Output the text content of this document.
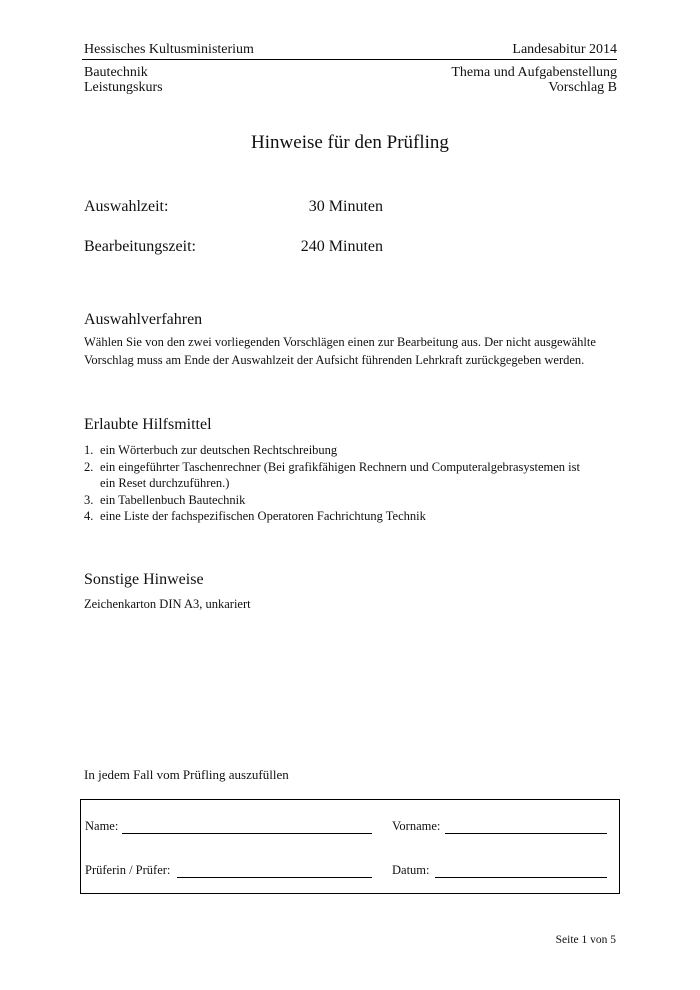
Hessisches Kultusministerium	Landesabitur 2014
Bautechnik	Thema und Aufgabenstellung
Leistungskurs	Vorschlag B
Hinweise für den Prüfling
Auswahlzeit:	30 Minuten
Bearbeitungszeit:	240 Minuten
Auswahlverfahren
Wählen Sie von den zwei vorliegenden Vorschlägen einen zur Bearbeitung aus. Der nicht ausgewählte
Vorschlag muss am Ende der Auswahlzeit der Aufsicht führenden Lehrkraft zurückgegeben werden.
Erlaubte Hilfsmittel
1. ein Wörterbuch zur deutschen Rechtschreibung
2. ein eingeführter Taschenrechner (Bei grafikfähigen Rechnern und Computeralgebrasystemen ist
ein Reset durchzuführen.)
3. ein Tabellenbuch Bautechnik
4. eine Liste der fachspezifischen Operatoren Fachrichtung Technik
Sonstige Hinweise
Zeichenkarton DIN A3, unkariert
In jedem Fall vom Prüfling auszufüllen
Name:	Vorname:
Prüferin / Prüfer:	Datum:
Seite 1 von 5
